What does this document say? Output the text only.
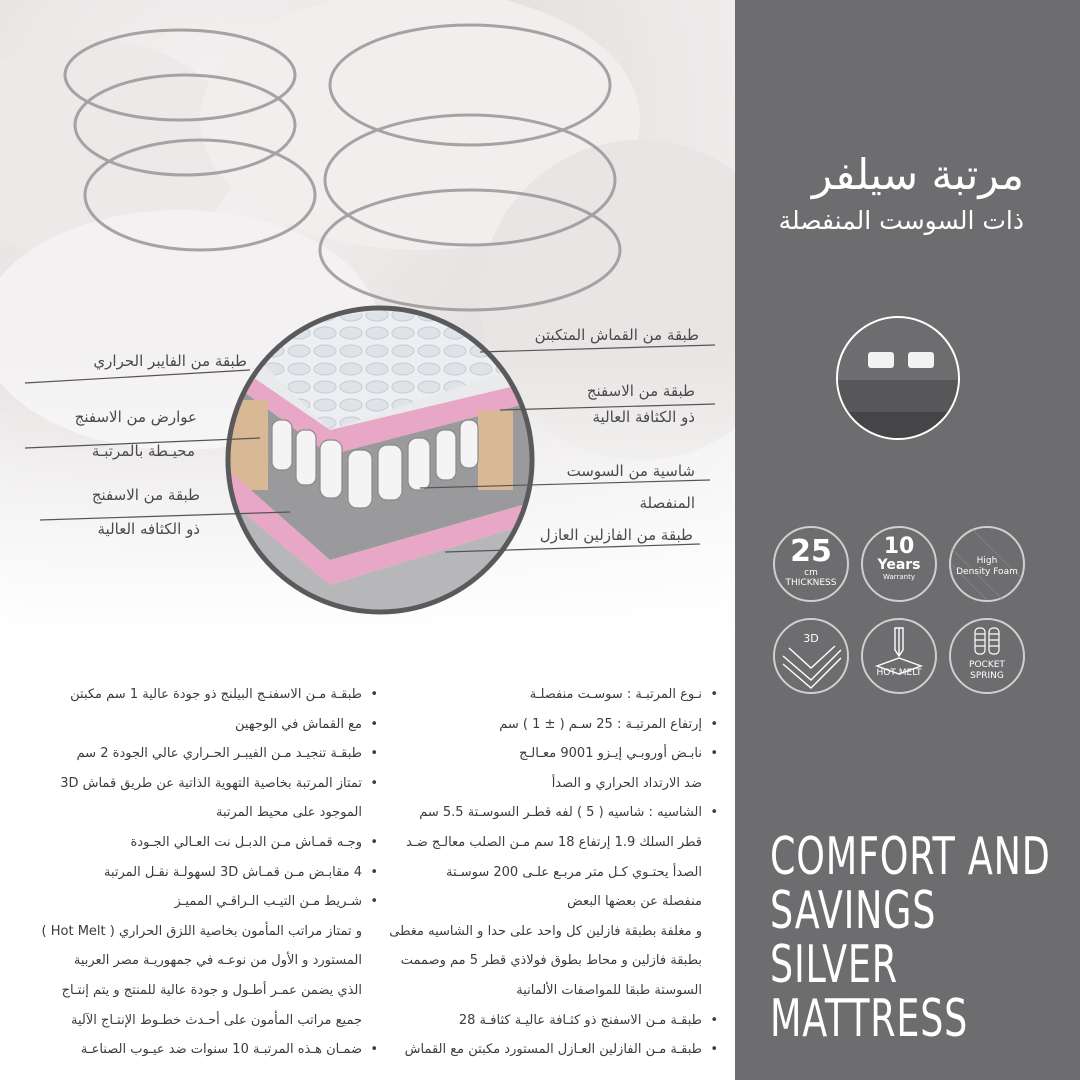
طبقة من الفايبر الحراري
عوارض من الاسفنج
محيـطة بالمرتبـة
طبقة من الاسفنج
ذو الكثافه العالية
طبقة من القماش المتكبتن
طبقة من الاسفنج
ذو الكثافة العالية
شاسية من السوست
المنفصلة
طبقة من الفازلين العازل
مرتبة سيلفر
ذات السوست المنفصلة
25
cm
THICKNESS
10
Years
Warranty
High
Density Foam
3D
HOT MELT
POCKET
SPRING
COMFORT AND
SAVINGS
SILVER
MATTRESS
• نـوع المرتبـة : سوسـت منفصلـة
• إرتفاع المرتبـة : 25 سـم ( ± 1 ) سم
• نابـض أوروبـي إيـزو 9001 معـالـج
ضد الارتداد الحراري و الصدأ
• الشاسيه : شاسيه ( 5 ) لفه قطـر السوسـتة 5.5 سم
قطر السلك 1.9 إرتفاع 18 سم مـن الصلب معالـج ضـد
الصدأ يحتـوي كـل متر مربـع علـى 200 سوسـتة
منفصلة عن بعضها البعض
و مغلفة بطبقة فازلين كل واحد على حدا و الشاسيه مغطى
بطبقة فازلين و محاط بطوق فولاذي قطر 5 مم وصممت
السوستة طبقا للمواصفات الألمانية
• طبقـة مـن الاسفنج ذو كثـافة عاليـة كثافـة 28
• طبقـة مـن الفازلين العـازل المستورد مكبتن مع القماش
• طبقـة مـن الاسفنـج البيلنج ذو جودة عالية 1 سم مكبتن
• مع القماش في الوجهين
• طبقـة تنجيـد مـن الفيبـر الحـراري عالي الجودة 2 سم
• تمتاز المرتبة بخاصية التهوية الذاتية عن طريق قماش 3D
الموجود على محيط المرتبة
• وجـه قمـاش مـن الدبـل نت العـالي الجـودة
• 4 مقابـض مـن قمـاش 3D لسهولـة نقـل المرتبة
• شـريط مـن التيـب الـراقـي المميـز
و تمتاز مراتب المأمون بخاصية اللزق الحراري ( Hot Melt )
المستورد و الأول من نوعـه في جمهوريـة مصر العربية
الذي يضمن عمـر أطـول و جودة عالية للمنتج و يتم إنتـاج
جميع مراتب المأمون على أحـدث خطـوط الإنتـاج الآلية
• ضمـان هـذه المرتبـة 10 سنوات ضد عيـوب الصناعـة
